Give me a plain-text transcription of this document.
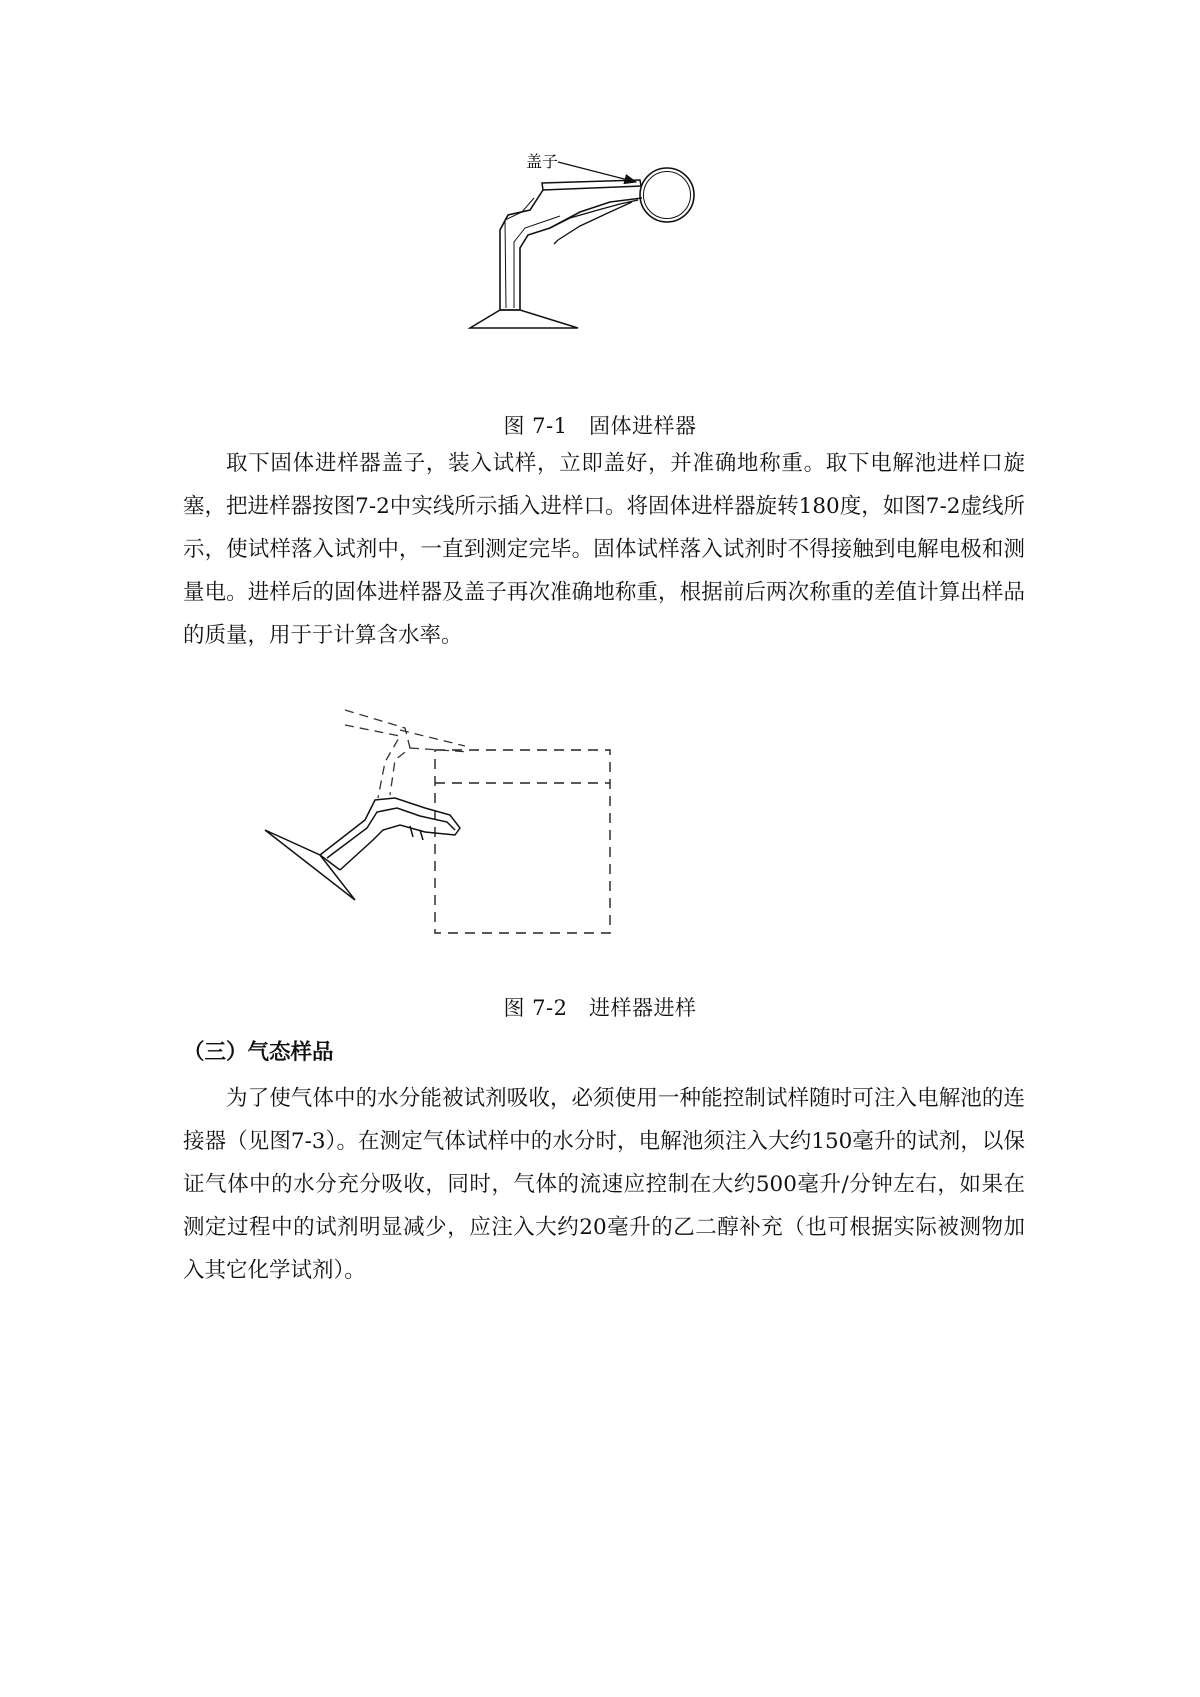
盖子
图 7-1   固体进样器

取下固体进样器盖子，装入试样，立即盖好，并准确地称重。取下电解池进样口旋塞，把进样器按图7-2中实线所示插入进样口。将固体进样器旋转180度，如图7-2虚线所示，使试样落入试剂中，一直到测定完毕。固体试样落入试剂时不得接触到电解电极和测量电。进样后的固体进样器及盖子再次准确地称重，根据前后两次称重的差值计算出样品的质量，用于于计算含水率。

图 7-2   进样器进样
（三）气态样品

为了使气体中的水分能被试剂吸收，必须使用一种能控制试样随时可注入电解池的连接器（见图7-3）。在测定气体试样中的水分时，电解池须注入大约150毫升的试剂，以保证气体中的水分充分吸收，同时，气体的流速应控制在大约500毫升/分钟左右，如果在测定过程中的试剂明显减少，应注入大约20毫升的乙二醇补充（也可根据实际被测物加入其它化学试剂）。
